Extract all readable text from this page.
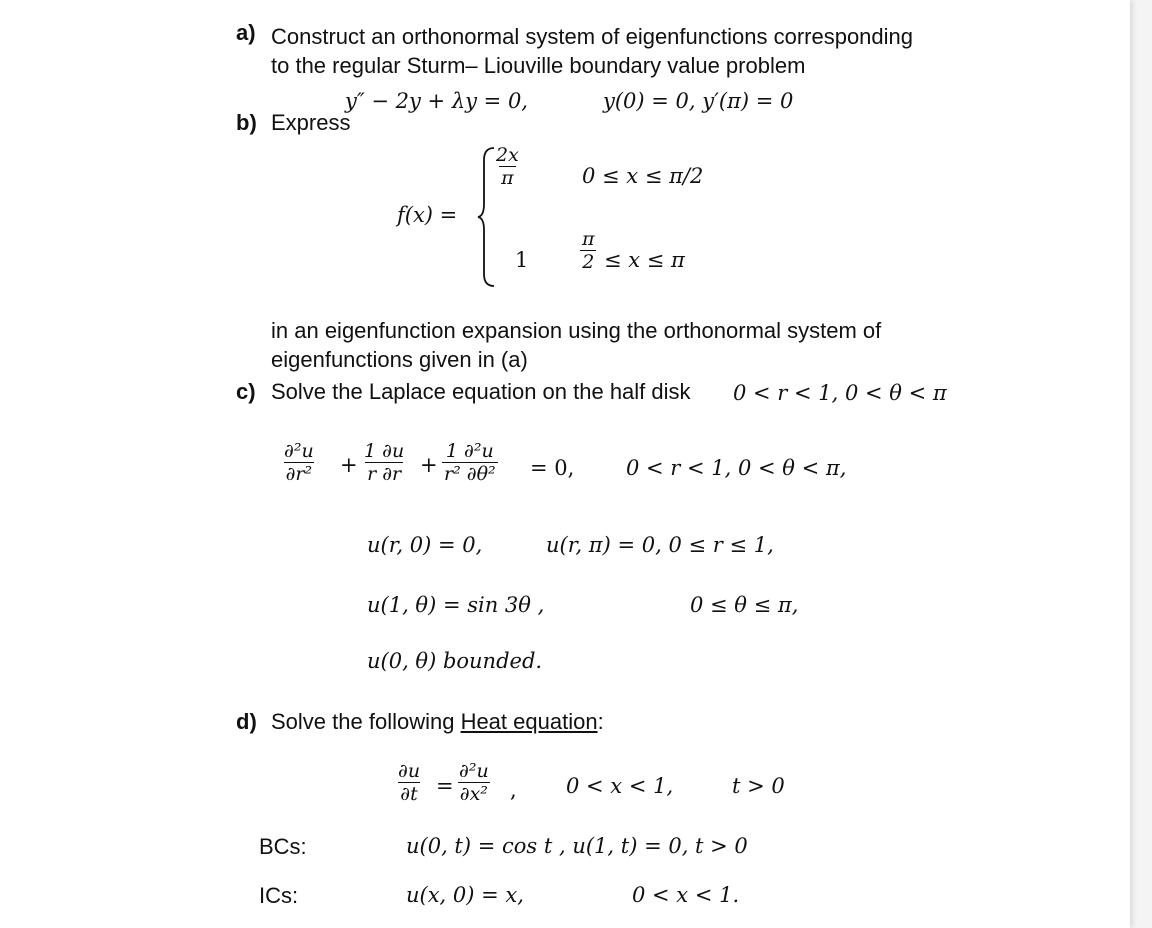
a) Construct an orthonormal system of eigenfunctions corresponding
to the regular Sturm– Liouville boundary value problem
y″ − 2y + λy = 0,	y(0) = 0, y′(π) = 0
b) Express
f(x) =
$\frac{2x}{\pi}$	0 ≤ x ≤ π/2
1	$\frac{\pi}{2} \le x \le \pi$
in an eigenfunction expansion using the orthonormal system of
eigenfunctions given in (a)
c) Solve the Laplace equation on the half disk 0 < r < 1, 0 < θ < π
$\frac{\text{∂²u}}{\text{∂r²}} + \frac{1 \partial u}{r \partial r} + \frac{\text{1 ∂²u}}{\text{r² ∂θ²}} = 0$, 0 < r < 1, 0 < θ < π,
u(r, 0) = 0,	u(r, π) = 0, 0 ≤ r ≤ 1,
u(1, θ) = sin 3θ ,	0 ≤ θ ≤ π,
u(0, θ) bounded.
d) Solve the following Heat equation:
$\frac{\partial u}{\partial t} = \frac{\text{∂²u}}{\text{∂x²}}$ , 0 < x < 1,	t > 0
BCs:	u(0, t) = cos t , u(1, t) = 0, t > 0
ICs:	u(x, 0) = x,	0 < x < 1.
